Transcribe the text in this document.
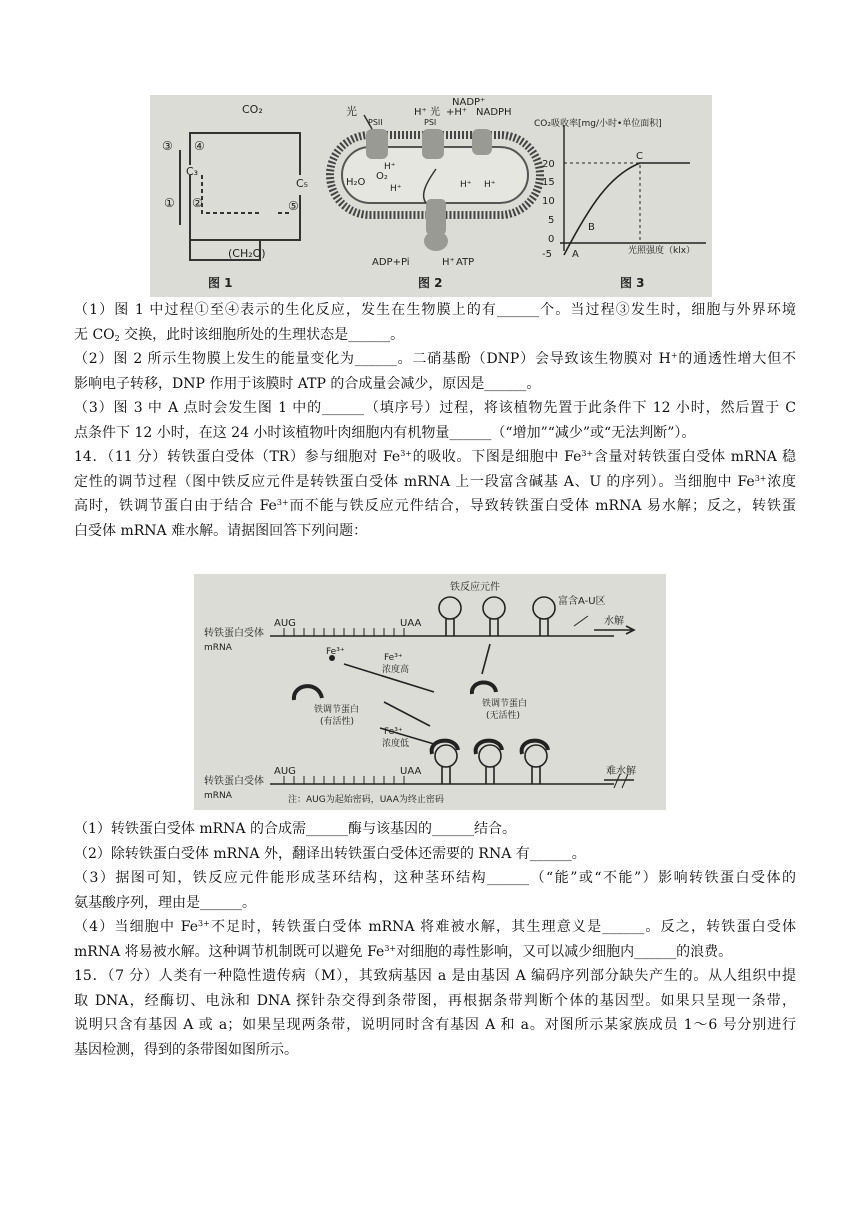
CO₂
C₃
C₅
(CH₂O)
③ ④
① ②	⑤
图 1
光
PSII	PSI
NADP⁺
H⁺ 光 +H⁺ NADPH
H₂O
O₂
H⁺	H⁺ H⁺
H⁺
ADP+Pi	H⁺ ATP
图 2
CO₂吸收率[mg/小时•单位面积]
20
15
10
5
0
-5 A
B
C
光照强度（klx）
图 3
（1）图 1 中过程①至④表示的生化反应，发生在生物膜上的有______个。当过程③发生时，细胞与外界环境
无 $CO_2$ 交换，此时该细胞所处的生理状态是______。
（2）图 2 所示生物膜上发生的能量变化为______。二硝基酚（DNP）会导致该生物膜对 H+的通透性增大但不
影响电子转移，DNP 作用于该膜时 ATP 的合成量会减少，原因是______。
（3）图 3 中 A 点时会发生图 1 中的______（填序号）过程，将该植物先置于此条件下 12 小时，然后置于 C
点条件下 12 小时，在这 24 小时该植物叶肉细胞内有机物量______（“增加”“减少”或“无法判断”）。
14．（11 分）转铁蛋白受体（TR）参与细胞对 $Fe^{3+}$的吸收。下图是细胞中 $Fe^{3+}$含量对转铁蛋白受体 mRNA 稳
定性的调节过程（图中铁反应元件是转铁蛋白受体 mRNA 上一段富含碱基 A、U 的序列）。当细胞中 $Fe^{3+}$浓度
高时，铁调节蛋白由于结合 $Fe^{3+}$而不能与铁反应元件结合，导致转铁蛋白受体 mRNA 易水解；反之，转铁蛋
白受体 mRNA 难水解。请据图回答下列问题：
转铁蛋白受体
mRNA
AUG	UAA
铁反应元件
富含A-U区
水解
Fe³⁺
Fe³⁺
浓度高
铁调节蛋白
(无活性)
铁调节蛋白
(有活性)
Fe³⁺
浓度低
转铁蛋白受体
mRNA
AUG	UAA	难水解
注：AUG为起始密码，UAA为终止密码
（1）转铁蛋白受体 mRNA 的合成需______酶与该基因的______结合。
（2）除转铁蛋白受体 mRNA 外，翻译出转铁蛋白受体还需要的 RNA 有______。
（3）据图可知，铁反应元件能形成茎环结构，这种茎环结构______（“能”或“不能”）影响转铁蛋白受体的
氨基酸序列，理由是______。
（4）当细胞中 $Fe^{3+}$不足时，转铁蛋白受体 mRNA 将难被水解，其生理意义是______。反之，转铁蛋白受体
mRNA 将易被水解。这种调节机制既可以避免 $Fe^{3+}$对细胞的毒性影响，又可以减少细胞内______的浪费。
15．（7 分）人类有一种隐性遗传病（M），其致病基因 a 是由基因 A 编码序列部分缺失产生的。从人组织中提
取 DNA，经酶切、电泳和 DNA 探针杂交得到条带图，再根据条带判断个体的基因型。如果只呈现一条带，
说明只含有基因 A 或 a；如果呈现两条带，说明同时含有基因 A 和 a。对图所示某家族成员 1～6 号分别进行
基因检测，得到的条带图如图所示。
